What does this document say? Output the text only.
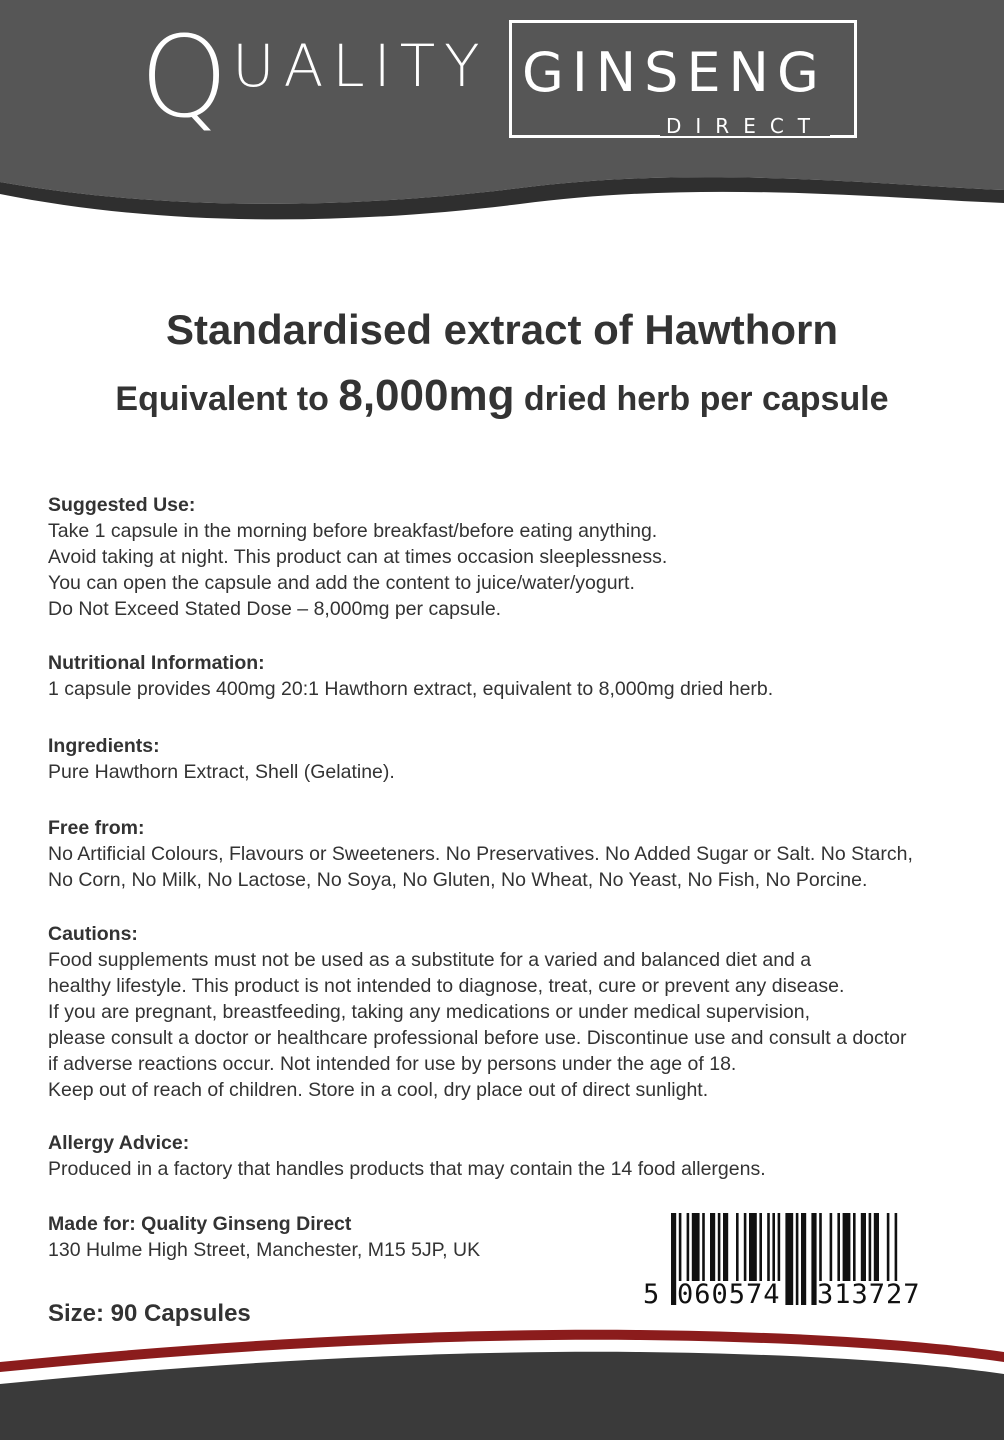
QUALITY GINSENG
DIRECT
Standardised extract of Hawthorn
Equivalent to 8,000mg dried herb per capsule
Suggested Use:
Take 1 capsule in the morning before breakfast/before eating anything.
Avoid taking at night. This product can at times occasion sleeplessness.
You can open the capsule and add the content to juice/water/yogurt.
Do Not Exceed Stated Dose – 8,000mg per capsule.
Nutritional Information:
1 capsule provides 400mg 20:1 Hawthorn extract, equivalent to 8,000mg dried herb.
Ingredients:
Pure Hawthorn Extract, Shell (Gelatine).
Free from:
No Artificial Colours, Flavours or Sweeteners. No Preservatives. No Added Sugar or Salt. No Starch,
No Corn, No Milk, No Lactose, No Soya, No Gluten, No Wheat, No Yeast, No Fish, No Porcine.
Cautions:
Food supplements must not be used as a substitute for a varied and balanced diet and a
healthy lifestyle. This product is not intended to diagnose, treat, cure or prevent any disease.
If you are pregnant, breastfeeding, taking any medications or under medical supervision,
please consult a doctor or healthcare professional before use. Discontinue use and consult a doctor
if adverse reactions occur. Not intended for use by persons under the age of 18.
Keep out of reach of children. Store in a cool, dry place out of direct sunlight.
Allergy Advice:
Produced in a factory that handles products that may contain the 14 food allergens.
Made for: Quality Ginseng Direct
130 Hulme High Street, Manchester, M15 5JP, UK
Size: 90 Capsules
5 060574 313727
